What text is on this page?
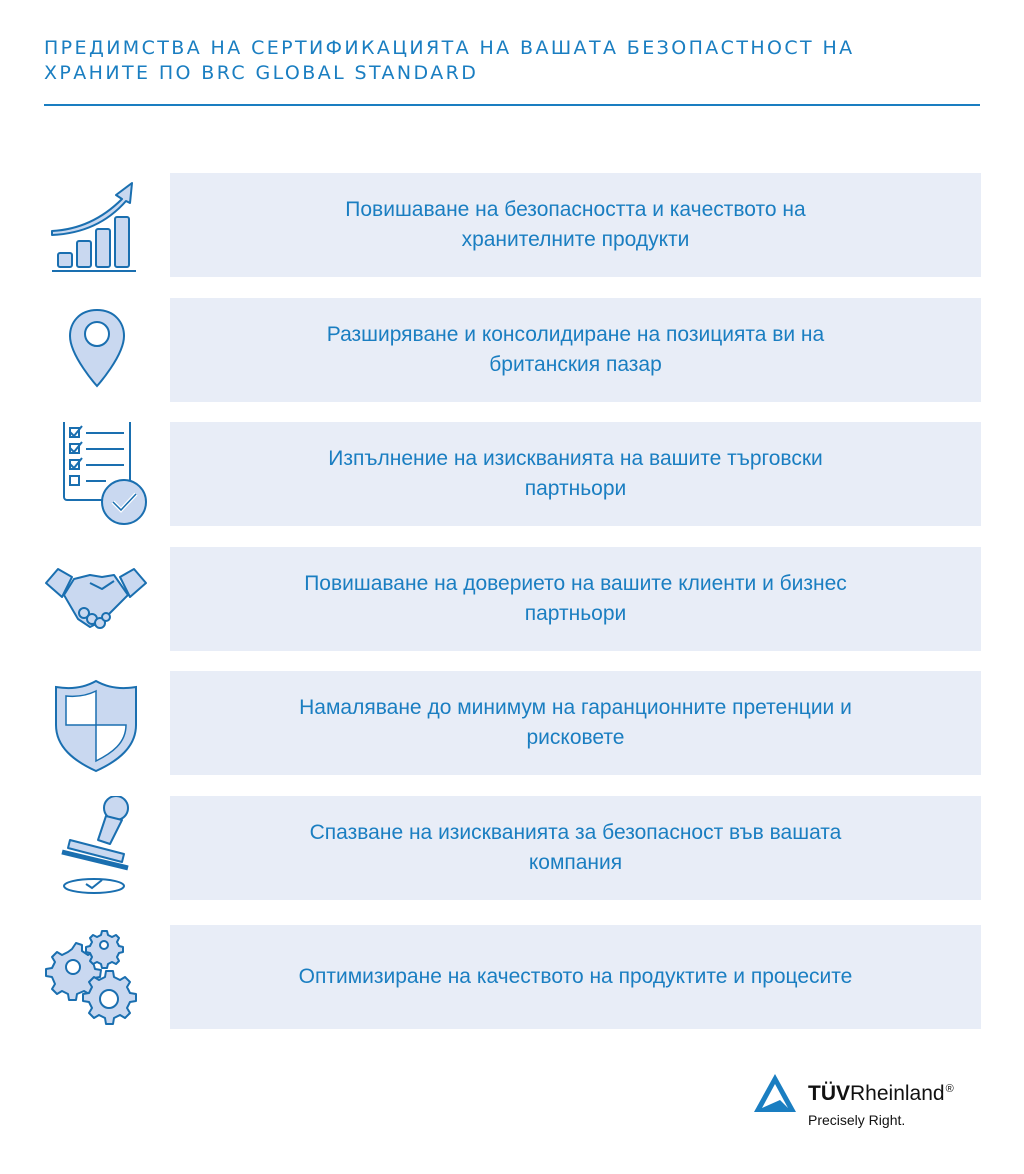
ПРЕДИМСТВА НА СЕРТИФИКАЦИЯТА НА ВАШАТА БЕЗОПАСТНОСТ НА
ХРАНИТЕ ПО BRC GLOBAL STANDARD
Повишаване на безопасността и качеството на хранителните продукти
Разширяване и консолидиране на позицията ви на британския пазар
Изпълнение на изискванията на вашите търговски партньори
Повишаване на доверието на вашите клиенти и бизнес партньори
Намаляване до минимум на гаранционните претенции и рисковете
Спазване на изискванията за безопасност във вашата компания
Оптимизиране на качеството на продуктите и процесите
TÜVRheinland®
Precisely Right.
